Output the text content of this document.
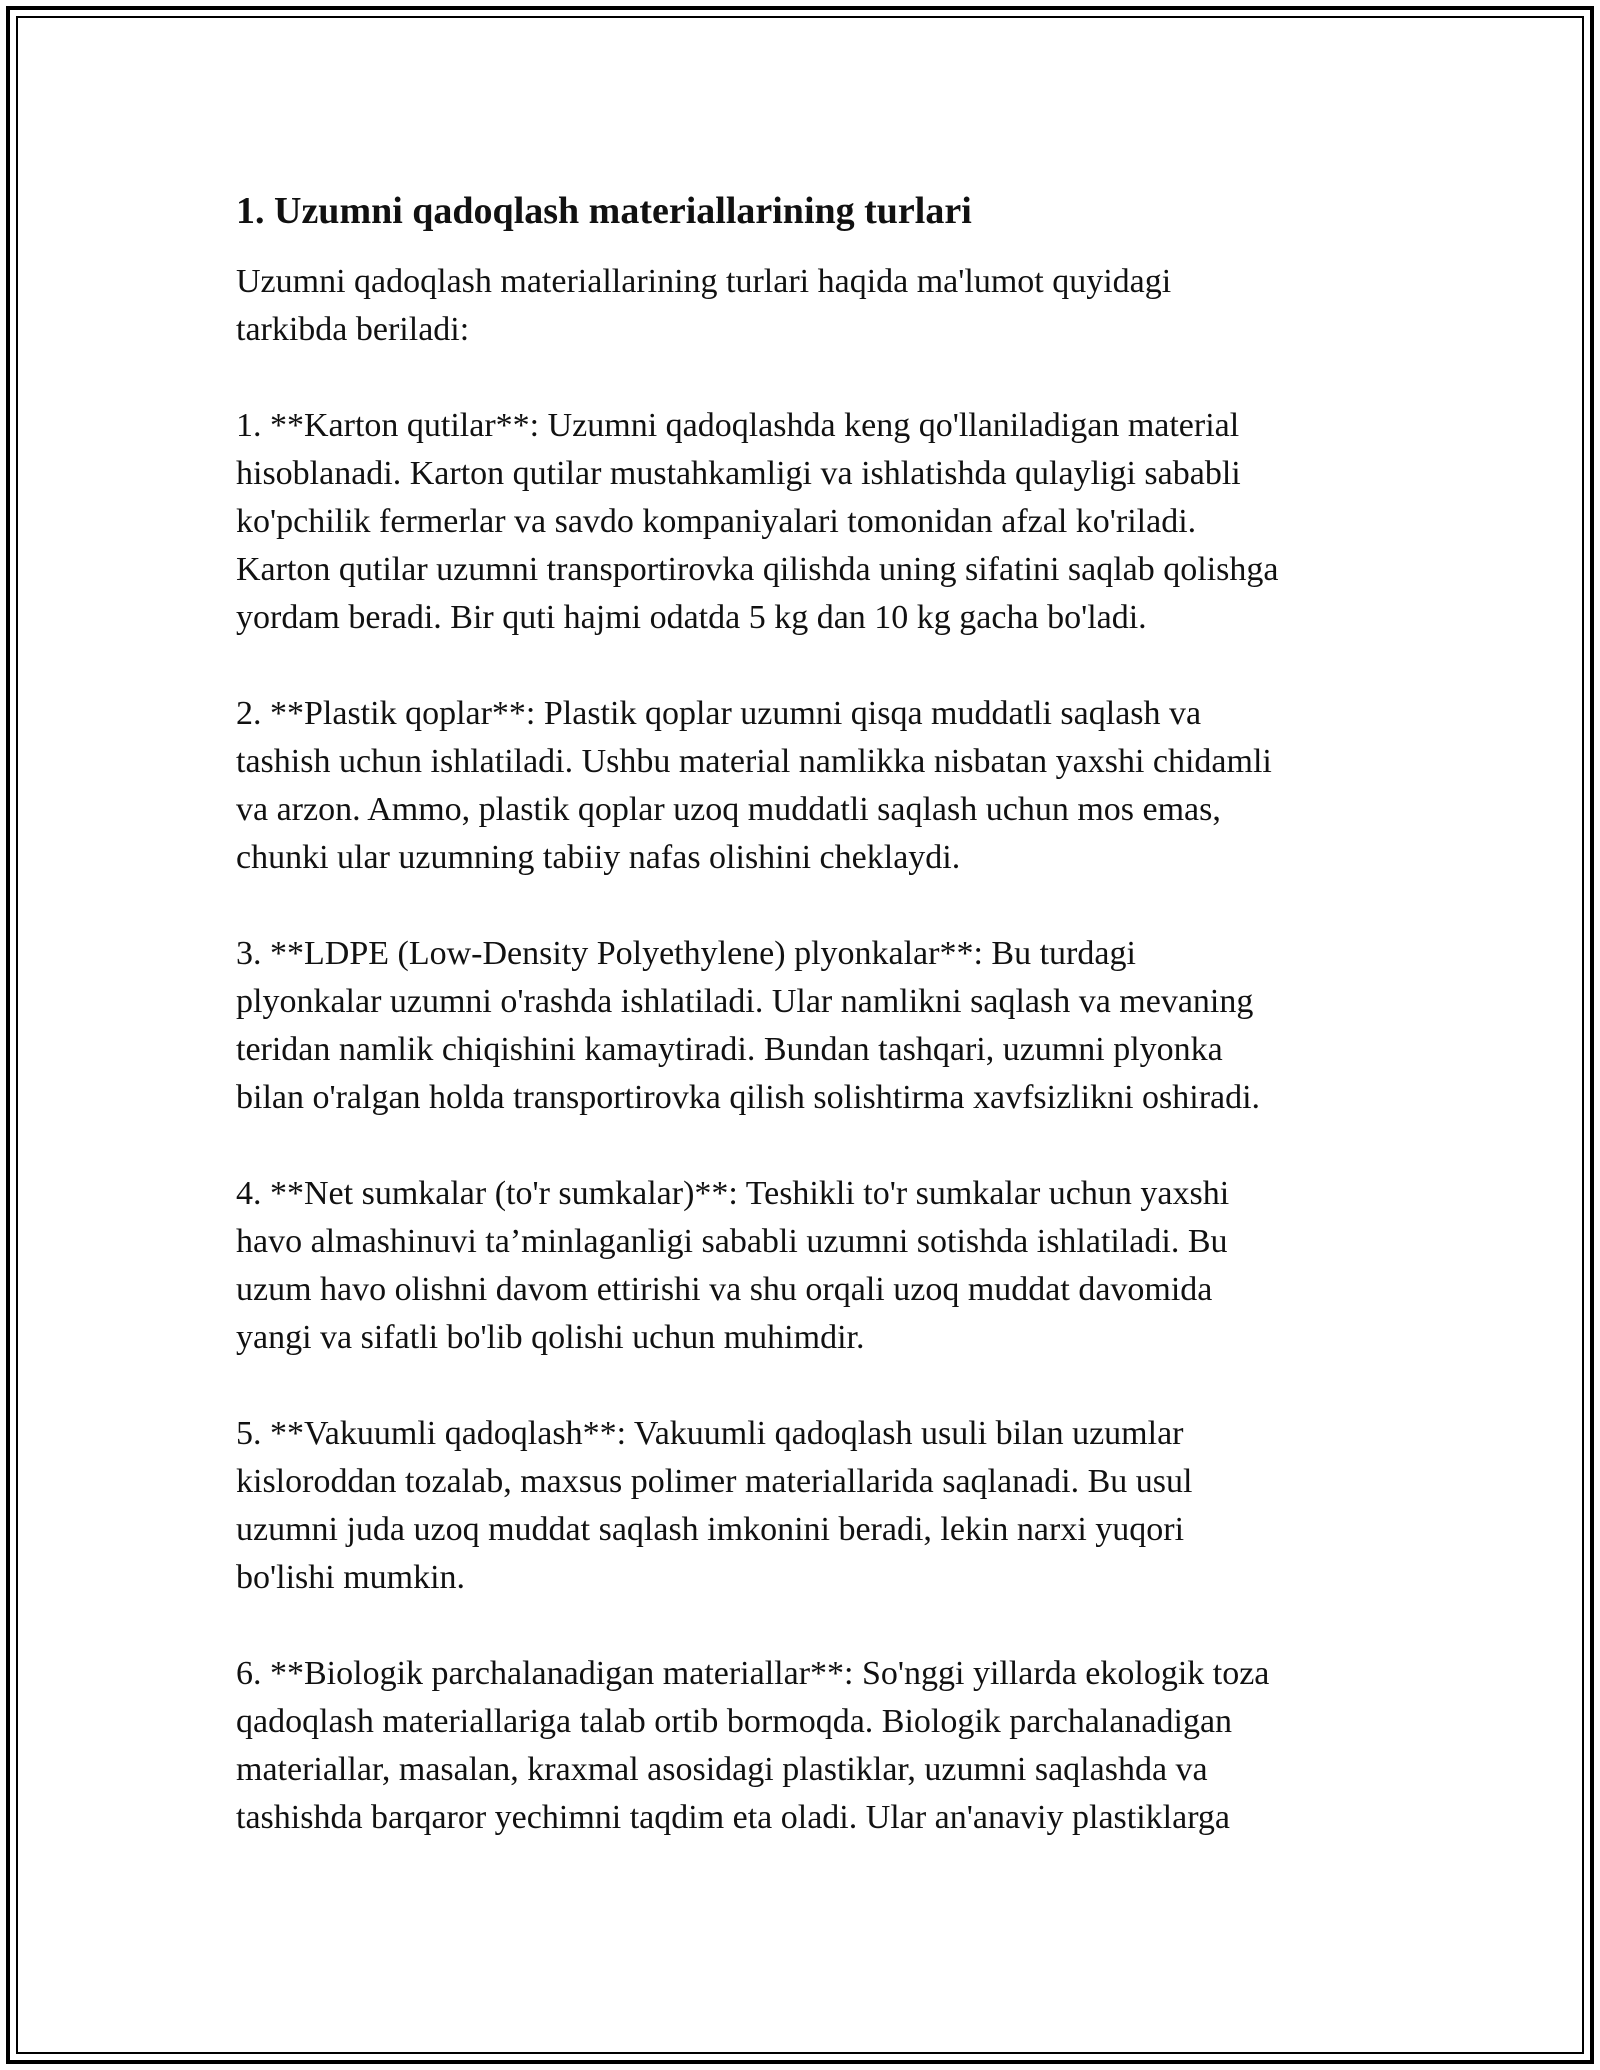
1. Uzumni qadoqlash materiallarining turlari

Uzumni qadoqlash materiallarining turlari haqida ma'lumot quyidagi
tarkibda beriladi:

1. **Karton qutilar**: Uzumni qadoqlashda keng qo'llaniladigan material
hisoblanadi. Karton qutilar mustahkamligi va ishlatishda qulayligi sababli
ko'pchilik fermerlar va savdo kompaniyalari tomonidan afzal ko'riladi.
Karton qutilar uzumni transportirovka qilishda uning sifatini saqlab qolishga
yordam beradi. Bir quti hajmi odatda 5 kg dan 10 kg gacha bo'ladi.

2. **Plastik qoplar**: Plastik qoplar uzumni qisqa muddatli saqlash va
tashish uchun ishlatiladi. Ushbu material namlikka nisbatan yaxshi chidamli
va arzon. Ammo, plastik qoplar uzoq muddatli saqlash uchun mos emas,
chunki ular uzumning tabiiy nafas olishini cheklaydi.

3. **LDPE (Low-Density Polyethylene) plyonkalar**: Bu turdagi
plyonkalar uzumni o'rashda ishlatiladi. Ular namlikni saqlash va mevaning
teridan namlik chiqishini kamaytiradi. Bundan tashqari, uzumni plyonka
bilan o'ralgan holda transportirovka qilish solishtirma xavfsizlikni oshiradi.

4. **Net sumkalar (to'r sumkalar)**: Teshikli to'r sumkalar uchun yaxshi
havo almashinuvi ta’minlaganligi sababli uzumni sotishda ishlatiladi. Bu
uzum havo olishni davom ettirishi va shu orqali uzoq muddat davomida
yangi va sifatli bo'lib qolishi uchun muhimdir.

5. **Vakuumli qadoqlash**: Vakuumli qadoqlash usuli bilan uzumlar
kisloroddan tozalab, maxsus polimer materiallarida saqlanadi. Bu usul
uzumni juda uzoq muddat saqlash imkonini beradi, lekin narxi yuqori
bo'lishi mumkin.

6. **Biologik parchalanadigan materiallar**: So'nggi yillarda ekologik toza
qadoqlash materiallariga talab ortib bormoqda. Biologik parchalanadigan
materiallar, masalan, kraxmal asosidagi plastiklar, uzumni saqlashda va
tashishda barqaror yechimni taqdim eta oladi. Ular an'anaviy plastiklarga
